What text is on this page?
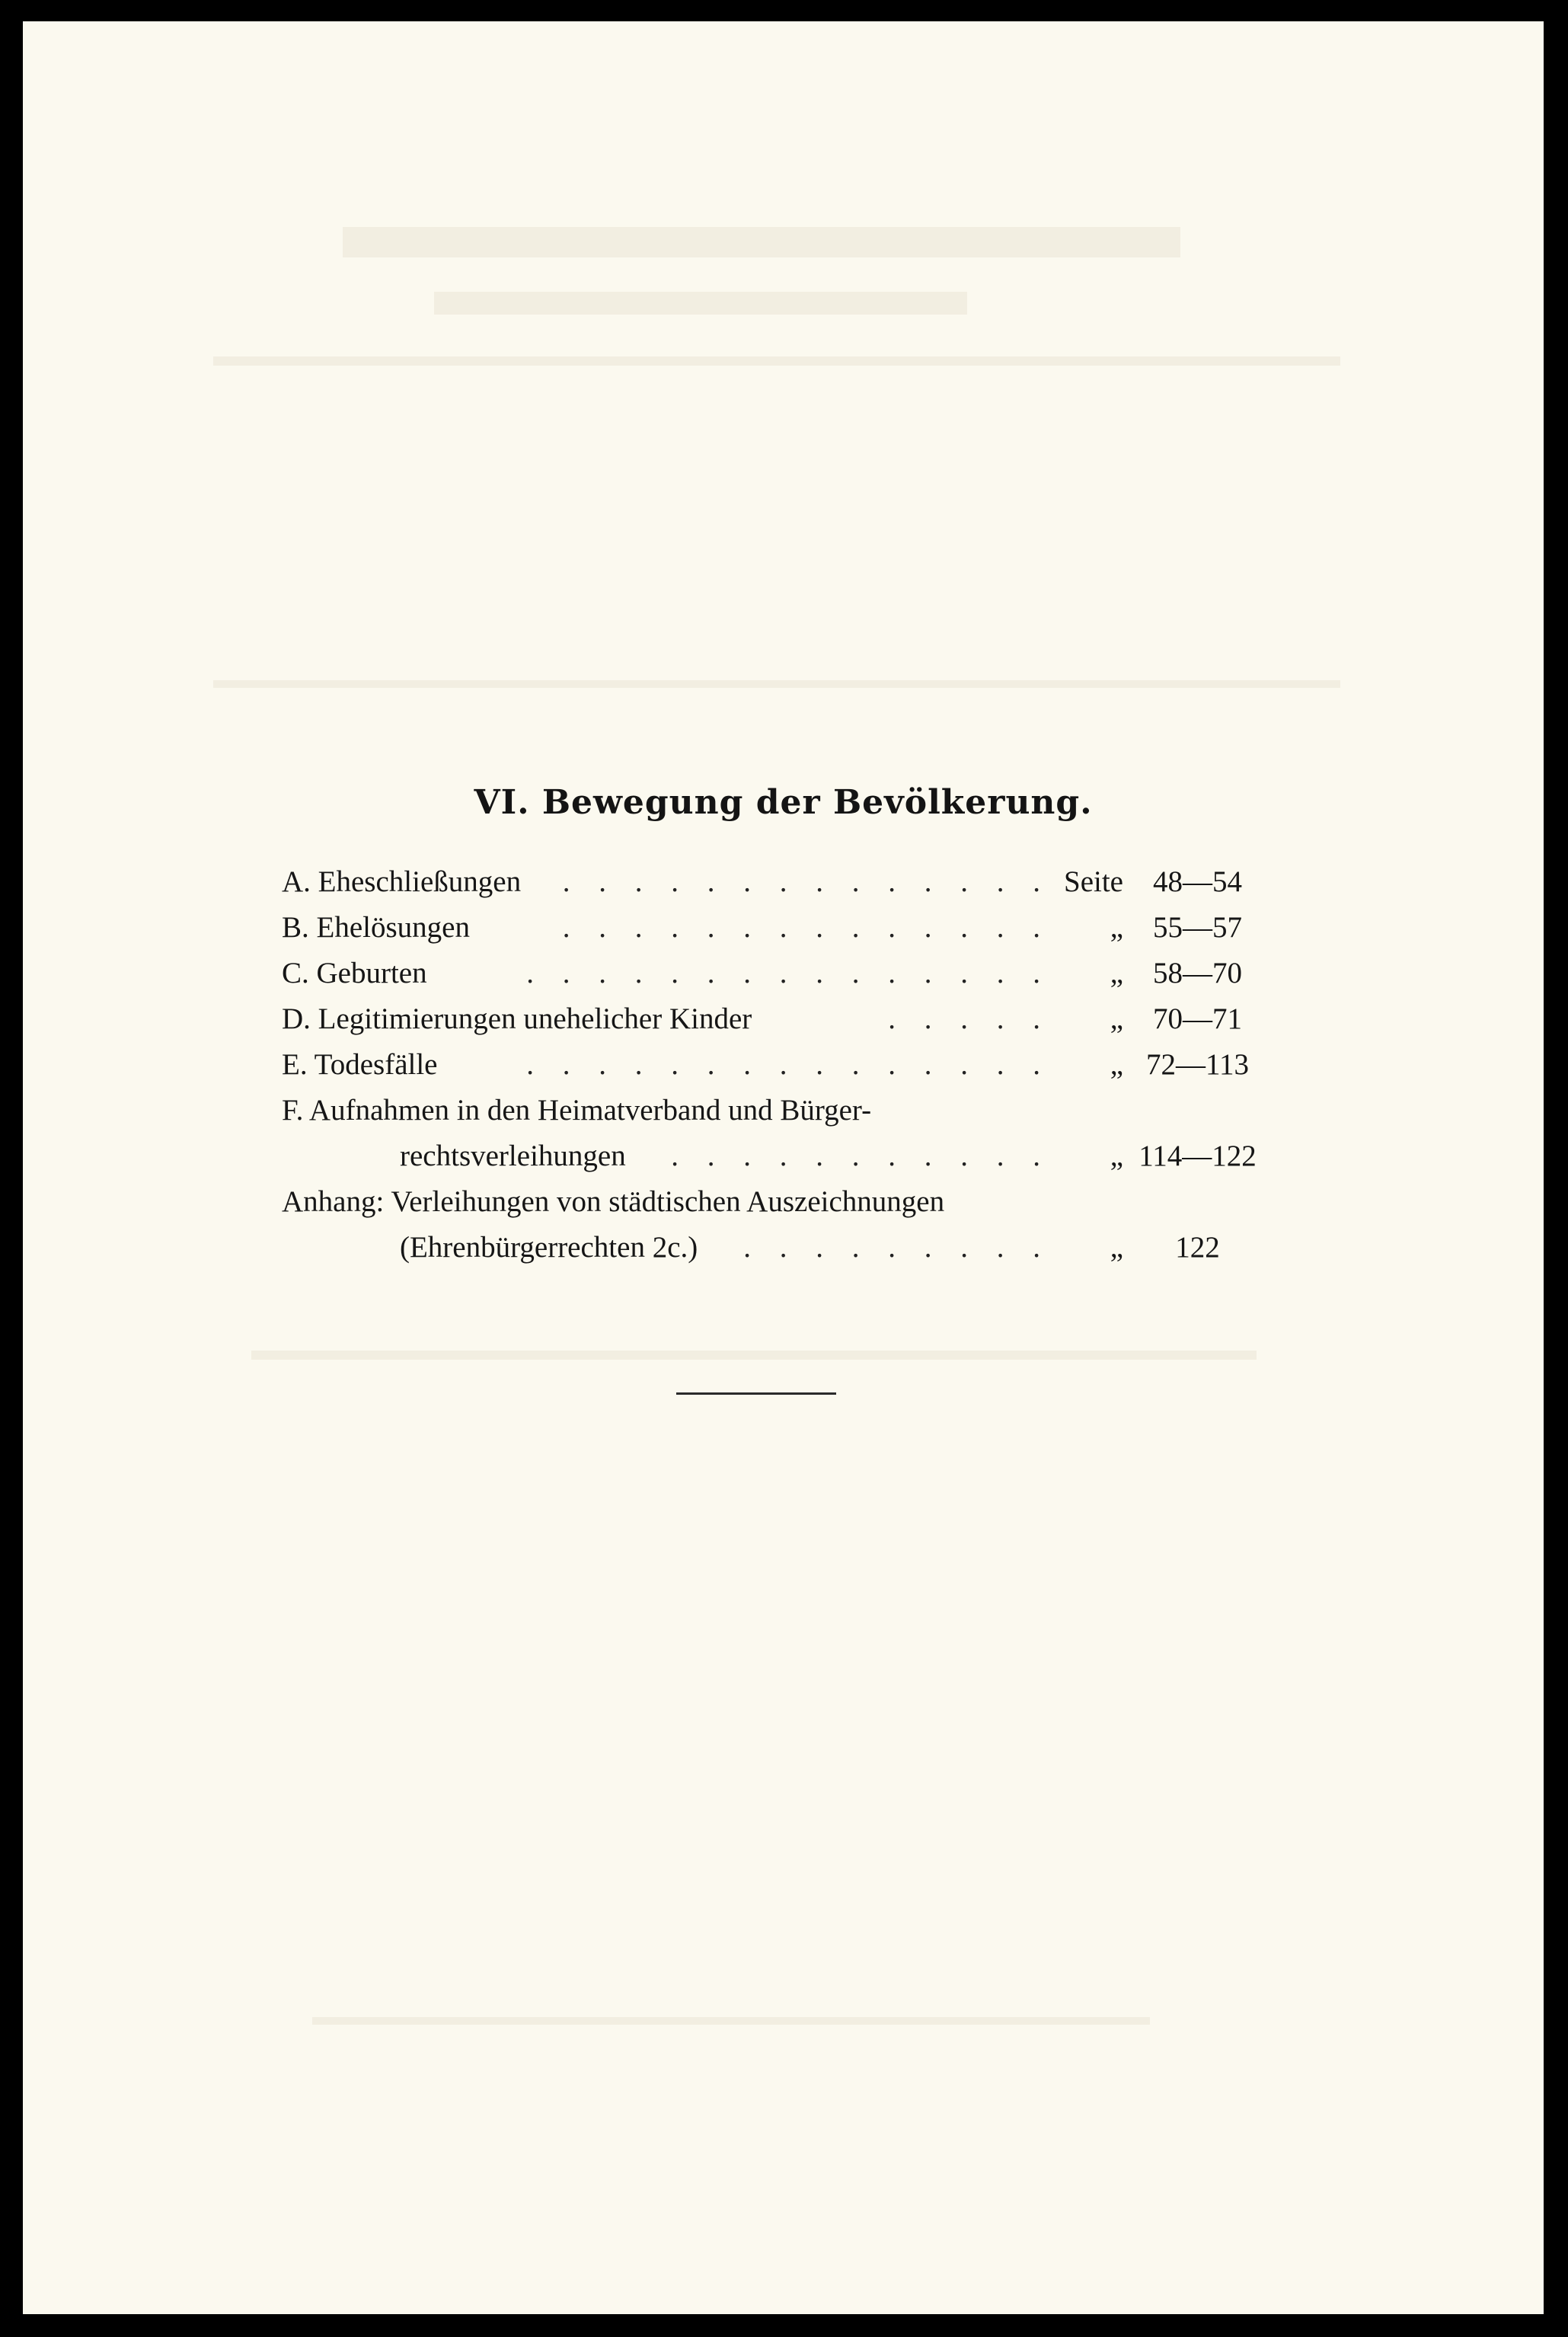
VI. Bewegung der Bevölkerung.
A. Eheschließungen . . . . . . . . . . . . . . Seite	48—54
B. Ehelösungen	. . . . . . . . . . . . . . „	55—57
C. Geburten	. . . . . . . . . . . . . . . „	58—70
D. Legitimierungen unehelicher Kinder	. . . . . „	70—71
E. Todesfälle	. . . . . . . . . . . . . . . „ 72—113
F. Aufnahmen in den Heimatverband und Bürger-
rechtsverleihungen . . . . . . . . . . . „ 114—122
Anhang: Verleihungen von städtischen Auszeichnungen
(Ehrenbürgerrechten 2c.) . . . . . . . . . „	122
